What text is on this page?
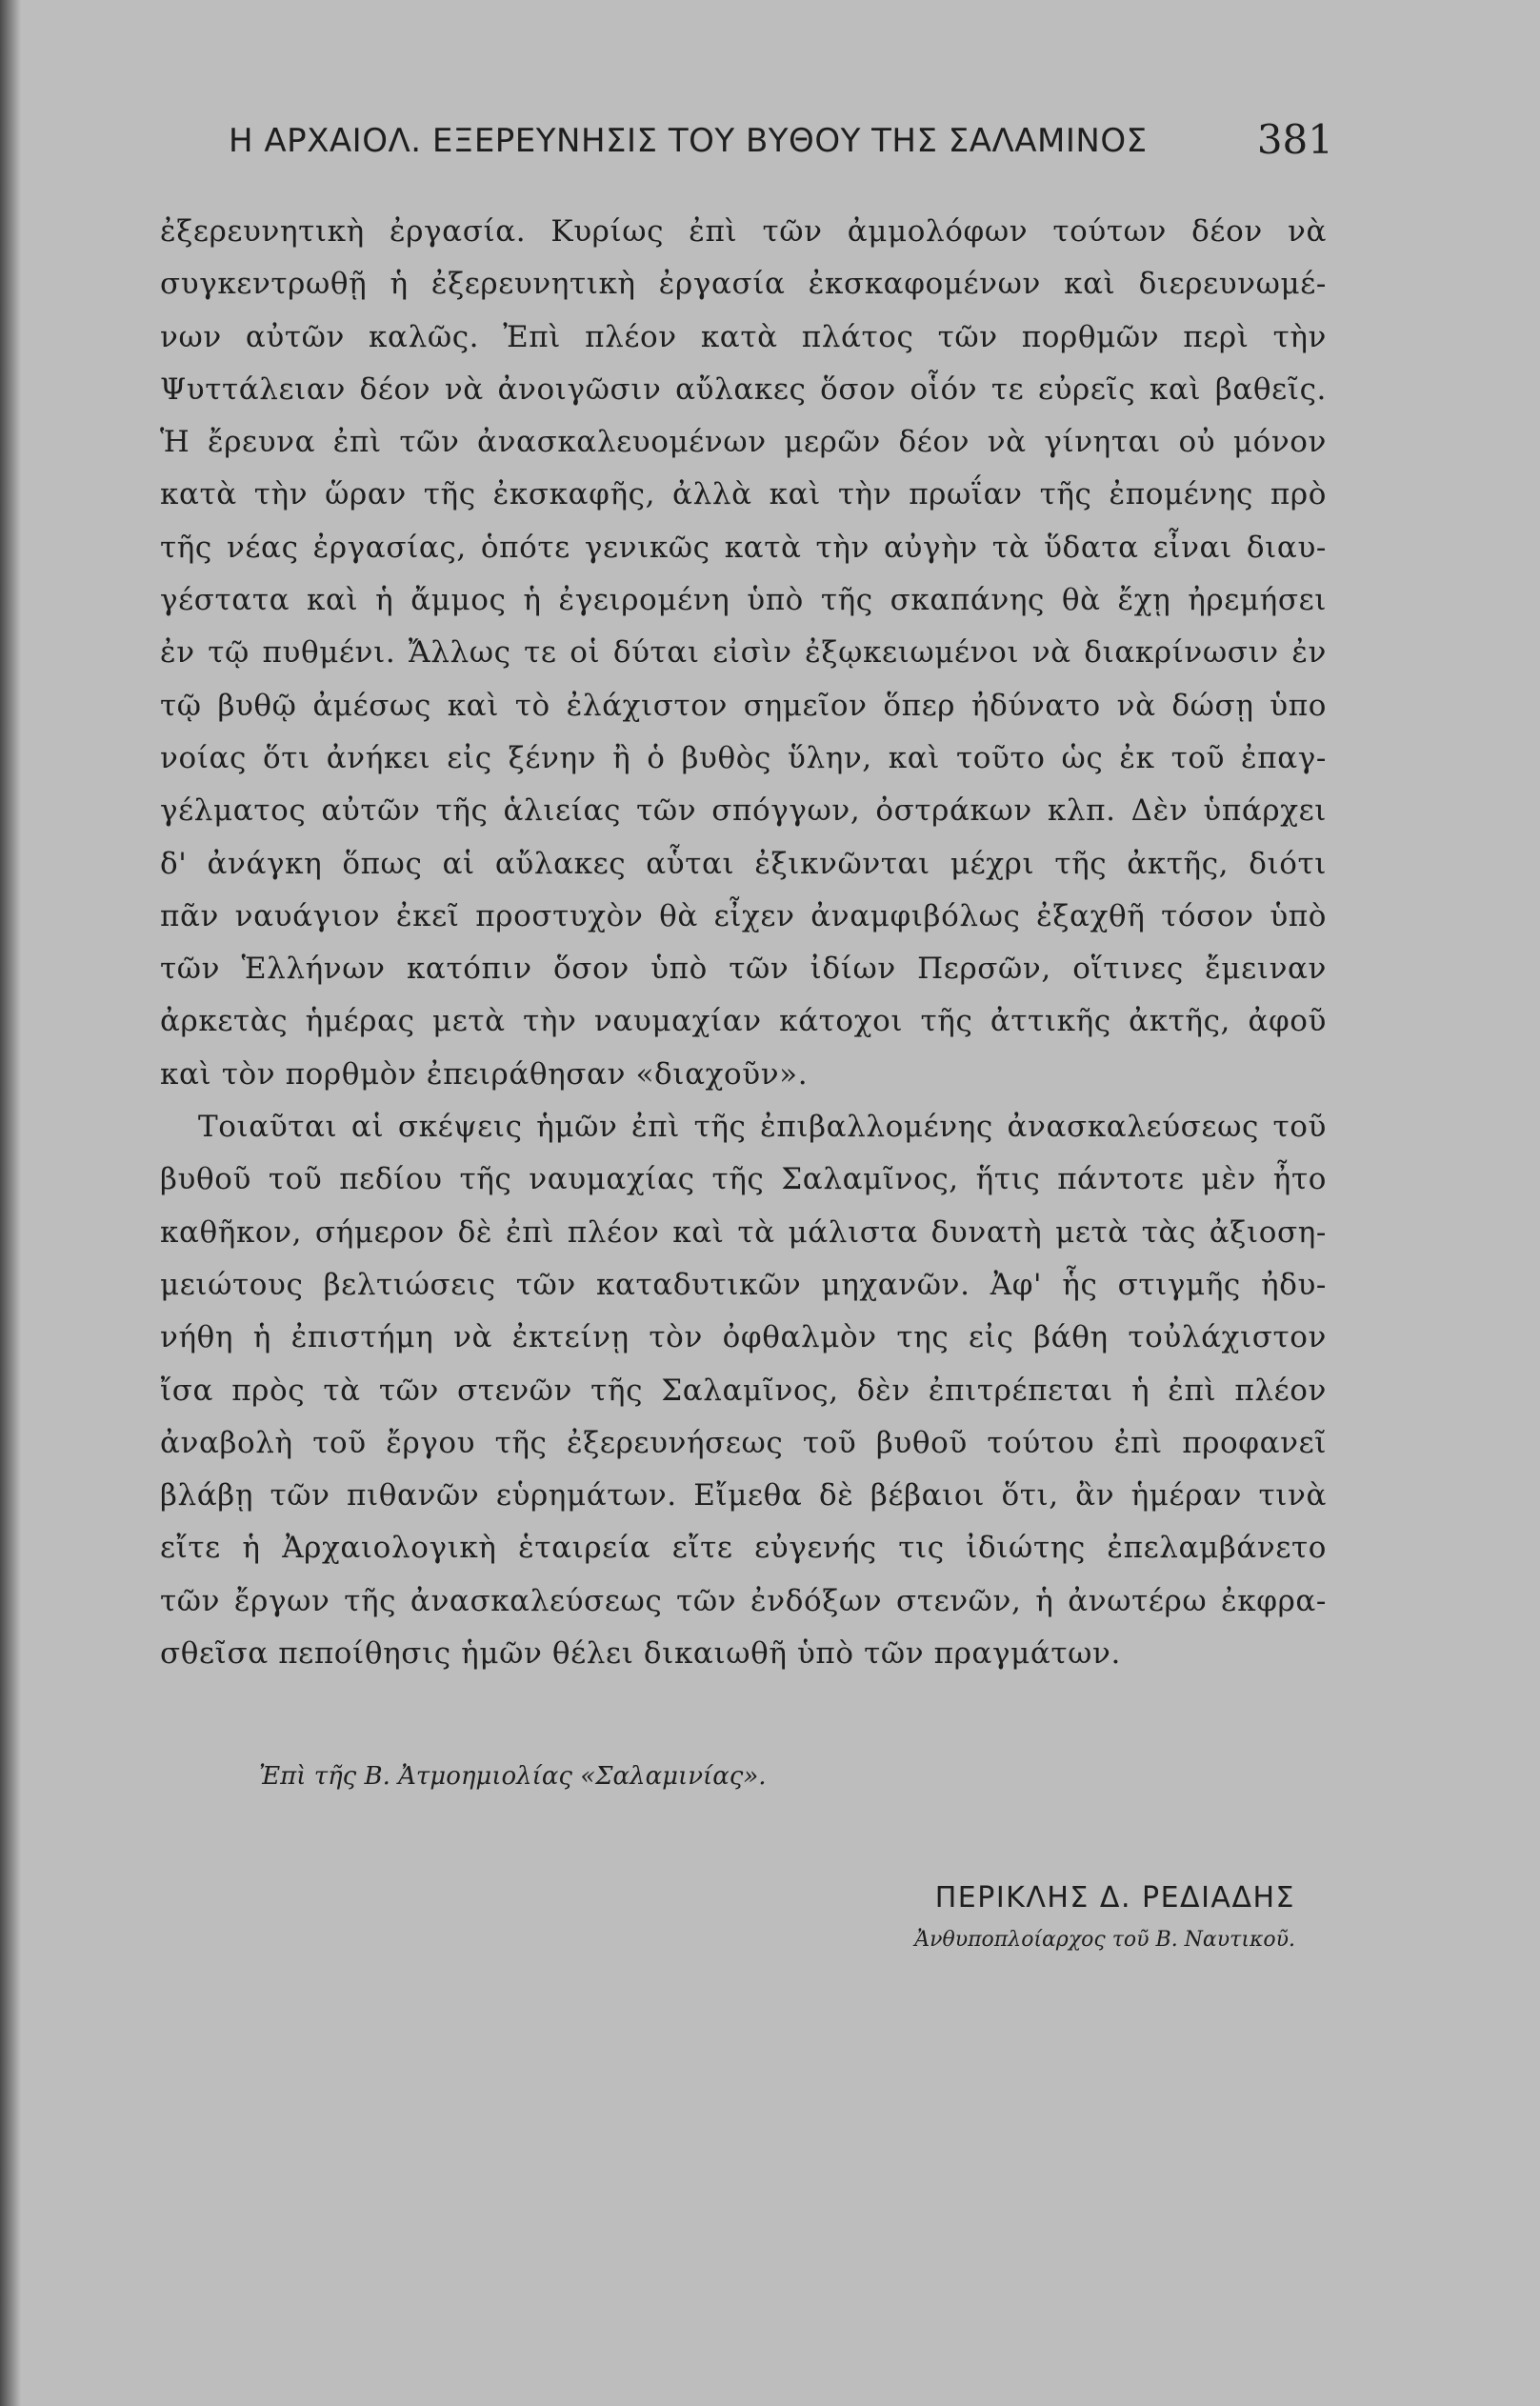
Η ΑΡΧΑΙΟΛ. ΕΞΕΡΕΥΝΗΣΙΣ ΤΟΥ ΒΥΘΟΥ ΤΗΣ ΣΑΛΑΜΙΝΟΣ	381
ἐξερευνητικὴ ἐργασία. Κυρίως ἐπὶ τῶν ἀμμολόφων τούτων δέον νὰ
συγκεντρωθῇ ἡ ἐξερευνητικὴ ἐργασία ἐκσκαφομένων καὶ διερευνωμέ-
νων αὐτῶν καλῶς. Ἐπὶ πλέον κατὰ πλάτος τῶν πορθμῶν περὶ τὴν
Ψυττάλειαν δέον νὰ ἀνοιγῶσιν αὔλακες ὅσον οἷόν τε εὐρεῖς καὶ βαθεῖς.
Ἡ ἔρευνα ἐπὶ τῶν ἀνασκαλευομένων μερῶν δέον νὰ γίνηται οὐ μόνον
κατὰ τὴν ὥραν τῆς ἐκσκαφῆς, ἀλλὰ καὶ τὴν πρωΐαν τῆς ἐπομένης πρὸ
τῆς νέας ἐργασίας, ὁπότε γενικῶς κατὰ τὴν αὐγὴν τὰ ὕδατα εἶναι διαυ-
γέστατα καὶ ἡ ἄμμος ἡ ἐγειρομένη ὑπὸ τῆς σκαπάνης θὰ ἔχῃ ἠρεμήσει
ἐν τῷ πυθμένι. Ἄλλως τε οἱ δύται εἰσὶν ἐξῳκειωμένοι νὰ διακρίνωσιν ἐν
τῷ βυθῷ ἀμέσως καὶ τὸ ἐλάχιστον σημεῖον ὅπερ ἠδύνατο νὰ δώσῃ ὑπο
νοίας ὅτι ἀνήκει εἰς ξένην ἢ ὁ βυθὸς ὕλην, καὶ τοῦτο ὡς ἐκ τοῦ ἐπαγ-
γέλματος αὐτῶν τῆς ἁλιείας τῶν σπόγγων, ὀστράκων κλπ. Δὲν ὑπάρχει
δ' ἀνάγκη ὅπως αἱ αὔλακες αὗται ἐξικνῶνται μέχρι τῆς ἀκτῆς, διότι
πᾶν ναυάγιον ἐκεῖ προστυχὸν θὰ εἶχεν ἀναμφιβόλως ἐξαχθῆ τόσον ὑπὸ
τῶν Ἑλλήνων κατόπιν ὅσον ὑπὸ τῶν ἰδίων Περσῶν, οἵτινες ἔμειναν
ἀρκετὰς ἡμέρας μετὰ τὴν ναυμαχίαν κάτοχοι τῆς ἀττικῆς ἀκτῆς, ἀφοῦ
καὶ τὸν πορθμὸν ἐπειράθησαν «διαχοῦν».
Τοιαῦται αἱ σκέψεις ἡμῶν ἐπὶ τῆς ἐπιβαλλομένης ἀνασκαλεύσεως τοῦ
βυθοῦ τοῦ πεδίου τῆς ναυμαχίας τῆς Σαλαμῖνος, ἥτις πάντοτε μὲν ἦτο
καθῆκον, σήμερον δὲ ἐπὶ πλέον καὶ τὰ μάλιστα δυνατὴ μετὰ τὰς ἀξιοση-
μειώτους βελτιώσεις τῶν καταδυτικῶν μηχανῶν. Ἀφ' ἧς στιγμῆς ἠδυ-
νήθη ἡ ἐπιστήμη νὰ ἐκτείνῃ τὸν ὀφθαλμὸν της εἰς βάθη τοὐλάχιστον
ἴσα πρὸς τὰ τῶν στενῶν τῆς Σαλαμῖνος, δὲν ἐπιτρέπεται ἡ ἐπὶ πλέον
ἀναβολὴ τοῦ ἔργου τῆς ἐξερευνήσεως τοῦ βυθοῦ τούτου ἐπὶ προφανεῖ
βλάβῃ τῶν πιθανῶν εὑρημάτων. Εἴμεθα δὲ βέβαιοι ὅτι, ἂν ἡμέραν τινὰ
εἴτε ἡ Ἀρχαιολογικὴ ἑταιρεία εἴτε εὐγενής τις ἰδιώτης ἐπελαμβάνετο
τῶν ἔργων τῆς ἀνασκαλεύσεως τῶν ἐνδόξων στενῶν, ἡ ἀνωτέρω ἐκφρα-
σθεῖσα πεποίθησις ἡμῶν θέλει δικαιωθῆ ὑπὸ τῶν πραγμάτων.
Ἐπὶ τῆς Β. Ἀτμοημιολίας «Σαλαμινίας».
ΠΕΡΙΚΛΗΣ Δ. ΡΕΔΙΑΔΗΣ
Ἀνθυποπλοίαρχος τοῦ Β. Ναυτικοῦ.
